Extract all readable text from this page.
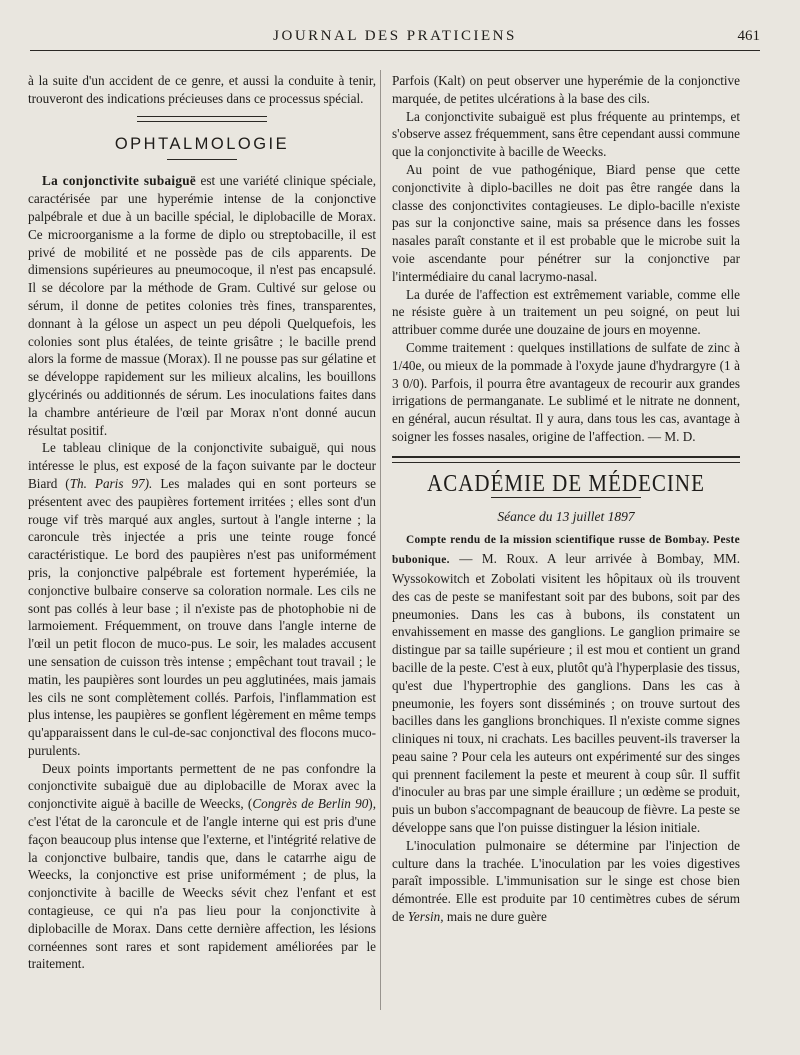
JOURNAL DES PRATICIENS	461

à la suite d'un accident de ce genre, et aussi la conduite à tenir, trouveront des indications précieuses dans ce processus spécial.

OPHTALMOLOGIE

La conjonctivite subaiguë est une variété clinique spéciale, caractérisée par une hyperémie intense de la conjonctive palpébrale et due à un bacille spécial, le diplobacille de Morax. Ce microorganisme a la forme de diplo ou streptobacille, il est privé de mobilité et ne possède pas de cils apparents. De dimensions supérieures au pneumocoque, il n'est pas encapsulé. Il se décolore par la méthode de Gram. Cultivé sur gelose ou sérum, il donne de petites colonies très fines, transparentes, donnant à la gélose un aspect un peu dépoli Quelquefois, les colonies sont plus étalées, de teinte grisâtre ; le bacille prend alors la forme de massue (Morax). Il ne pousse pas sur gélatine et se développe rapidement sur les milieux alcalins, les bouillons glycérinés ou additionnés de sérum. Les inoculations faites dans la chambre antérieure de l'œil par Morax n'ont donné aucun résultat positif.

Le tableau clinique de la conjonctivite subaiguë, qui nous intéresse le plus, est exposé de la façon suivante par le docteur Biard (Th. Paris 97). Les malades qui en sont porteurs se présentent avec des paupières fortement irritées ; elles sont d'un rouge vif très marqué aux angles, surtout à l'angle interne ; la caroncule très injectée a pris une teinte rouge foncé caractéristique. Le bord des paupières n'est pas uniformément pris, la conjonctive palpébrale est fortement hyperémiée, la conjonctive bulbaire conserve sa coloration normale. Les cils ne sont pas collés à leur base ; il n'existe pas de photophobie ni de larmoiement. Fréquemment, on trouve dans l'angle interne de l'œil un petit flocon de muco-pus. Le soir, les malades accusent une sensation de cuisson très intense ; empêchant tout travail ; le matin, les paupières sont lourdes un peu agglutinées, mais jamais les cils ne sont complètement collés. Parfois, l'inflammation est plus intense, les paupières se gonflent légèrement en même temps qu'apparaissent dans le cul-de-sac conjonctival des flocons muco-purulents.

Deux points importants permettent de ne pas confondre la conjonctivite subaiguë due au diplobacille de Morax avec la conjonctivite aiguë à bacille de Weecks, (Congrès de Berlin 90), c'est l'état de la caroncule et de l'angle interne qui est pris d'une façon beaucoup plus intense que l'externe, et l'intégrité relative de la conjonctive bulbaire, tandis que, dans le catarrhe aigu de Weecks, la conjonctive est prise uniformément ; de plus, la conjonctivite à bacille de Weecks sévit chez l'enfant et est contagieuse, ce qui n'a pas lieu pour la conjonctivite à diplobacille de Morax. Dans cette dernière affection, les lésions cornéennes sont rares et sont rapidement améliorées par le traitement.

Parfois (Kalt) on peut observer une hyperémie de la conjonctive marquée, de petites ulcérations à la base des cils.

La conjonctivite subaiguë est plus fréquente au printemps, et s'observe assez fréquemment, sans être cependant aussi commune que la conjonctivite à bacille de Weecks.

Au point de vue pathogénique, Biard pense que cette conjonctivite à diplo-bacilles ne doit pas être rangée dans la classe des conjonctivites contagieuses. Le diplo-bacille n'existe pas sur la conjonctive saine, mais sa présence dans les fosses nasales paraît constante et il est probable que le microbe suit la voie ascendante pour pénétrer sur la conjonctive par l'intermédiaire du canal lacrymo-nasal.

La durée de l'affection est extrêmement variable, comme elle ne résiste guère à un traitement un peu soigné, on peut lui attribuer comme durée une douzaine de jours en moyenne.

Comme traitement : quelques instillations de sulfate de zinc à 1/40e, ou mieux de la pommade à l'oxyde jaune d'hydrargyre (1 à 3 0/0). Parfois, il pourra être avantageux de recourir aux grandes irrigations de permanganate. Le sublimé et le nitrate ne donnent, en général, aucun résultat. Il y aura, dans tous les cas, avantage à soigner les fosses nasales, origine de l'affection. — M. D.

ACADÉMIE DE MÉDECINE
Séance du 13 juillet 1897

Compte rendu de la mission scientifique russe de Bombay. Peste bubonique. — M. Roux. A leur arrivée à Bombay, MM. Wyssokowitch et Zobolati visitent les hôpitaux où ils trouvent des cas de peste se manifestant soit par des bubons, soit par des pneumonies. Dans les cas à bubons, ils constatent un envahissement en masse des ganglions. Le ganglion primaire se distingue par sa taille supérieure ; il est mou et contient un grand bacille de la peste. C'est à eux, plutôt qu'à l'hyperplasie des tissus, qu'est due l'hypertrophie des ganglions. Dans les cas à pneumonie, les foyers sont disséminés ; on trouve surtout des bacilles dans les ganglions bronchiques. Il n'existe comme signes cliniques ni toux, ni crachats. Les bacilles peuvent-ils traverser la peau saine ? Pour cela les auteurs ont expérimenté sur des singes qui prennent facilement la peste et meurent à coup sûr. Il suffit d'inoculer au bras par une simple éraillure ; un œdème se produit, puis un bubon s'accompagnant de beaucoup de fièvre. La peste se développe sans que l'on puisse distinguer la lésion initiale.

L'inoculation pulmonaire se détermine par l'injection de culture dans la trachée. L'inoculation par les voies digestives paraît impossible. L'immunisation sur le singe est chose bien démontrée. Elle est produite par 10 centimètres cubes de sérum de Yersin, mais ne dure guère
